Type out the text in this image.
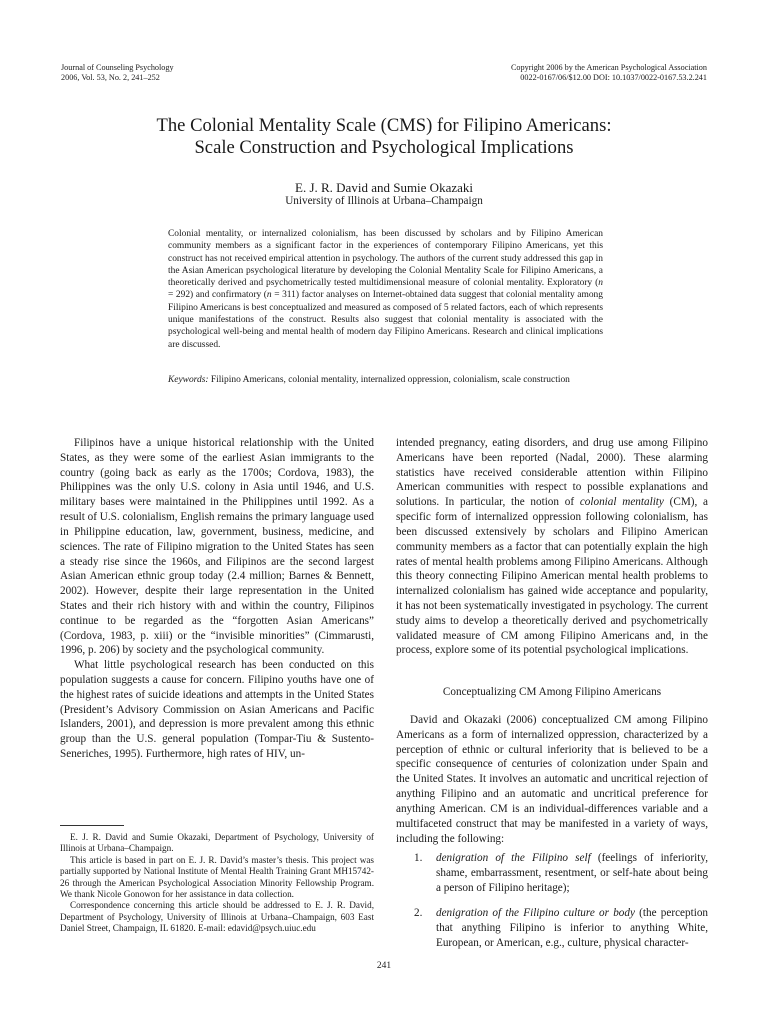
Journal of Counseling Psychology
2006, Vol. 53, No. 2, 241–252
Copyright 2006 by the American Psychological Association
0022-0167/06/$12.00 DOI: 10.1037/0022-0167.53.2.241
The Colonial Mentality Scale (CMS) for Filipino Americans:
Scale Construction and Psychological Implications
E. J. R. David and Sumie Okazaki
University of Illinois at Urbana–Champaign

Colonial mentality, or internalized colonialism, has been discussed by scholars and by Filipino American community members as a significant factor in the experiences of contemporary Filipino Americans, yet this construct has not received empirical attention in psychology. The authors of the current study addressed this gap in the Asian American psychological literature by developing the Colonial Mentality Scale for Filipino Americans, a theoretically derived and psychometrically tested multidimensional measure of colonial mentality. Exploratory (n = 292) and confirmatory (n = 311) factor analyses on Internet-obtained data suggest that colonial mentality among Filipino Americans is best conceptualized and measured as composed of 5 related factors, each of which represents unique manifestations of the construct. Results also suggest that colonial mentality is associated with the psychological well-being and mental health of modern day Filipino Americans. Research and clinical implications are discussed.

Keywords: Filipino Americans, colonial mentality, internalized oppression, colonialism, scale construction

Filipinos have a unique historical relationship with the United States, as they were some of the earliest Asian immigrants to the country (going back as early as the 1700s; Cordova, 1983), the Philippines was the only U.S. colony in Asia until 1946, and U.S. military bases were maintained in the Philippines until 1992. As a result of U.S. colonialism, English remains the primary language used in Philippine education, law, government, business, medicine, and sciences. The rate of Filipino migration to the United States has seen a steady rise since the 1960s, and Filipinos are the second largest Asian American ethnic group today (2.4 million; Barnes & Bennett, 2002). However, despite their large representation in the United States and their rich history with and within the country, Filipinos continue to be regarded as the “forgotten Asian Americans” (Cordova, 1983, p. xiii) or the “invisible minorities” (Cimmarusti, 1996, p. 206) by society and the psychological community.

What little psychological research has been conducted on this population suggests a cause for concern. Filipino youths have one of the highest rates of suicide ideations and attempts in the United States (President’s Advisory Commission on Asian Americans and Pacific Islanders, 2001), and depression is more prevalent among this ethnic group than the U.S. general population (Tompar-Tiu & Sustento-Seneriches, 1995). Furthermore, high rates of HIV, un-

intended pregnancy, eating disorders, and drug use among Filipino Americans have been reported (Nadal, 2000). These alarming statistics have received considerable attention within Filipino American communities with respect to possible explanations and solutions. In particular, the notion of colonial mentality (CM), a specific form of internalized oppression following colonialism, has been discussed extensively by scholars and Filipino American community members as a factor that can potentially explain the high rates of mental health problems among Filipino Americans. Although this theory connecting Filipino American mental health problems to internalized colonialism has gained wide acceptance and popularity, it has not been systematically investigated in psychology. The current study aims to develop a theoretically derived and psychometrically validated measure of CM among Filipino Americans and, in the process, explore some of its potential psychological implications.

Conceptualizing CM Among Filipino Americans

David and Okazaki (2006) conceptualized CM among Filipino Americans as a form of internalized oppression, characterized by a perception of ethnic or cultural inferiority that is believed to be a specific consequence of centuries of colonization under Spain and the United States. It involves an automatic and uncritical rejection of anything Filipino and an automatic and uncritical preference for anything American. CM is an individual-differences variable and a multifaceted construct that may be manifested in a variety of ways, including the following:

1.	denigration of the Filipino self (feelings of inferiority, shame, embarrassment, resentment, or self-hate about being a person of Filipino heritage);
2.	denigration of the Filipino culture or body (the perception that anything Filipino is inferior to anything White, European, or American, e.g., culture, physical character-

E. J. R. David and Sumie Okazaki, Department of Psychology, University of Illinois at Urbana–Champaign.

This article is based in part on E. J. R. David’s master’s thesis. This project was partially supported by National Institute of Mental Health Training Grant MH15742-26 through the American Psychological Association Minority Fellowship Program. We thank Nicole Gonowon for her assistance in data collection.

Correspondence concerning this article should be addressed to E. J. R. David, Department of Psychology, University of Illinois at Urbana–Champaign, 603 East Daniel Street, Champaign, IL 61820. E-mail: edavid@psych.uiuc.edu

241
